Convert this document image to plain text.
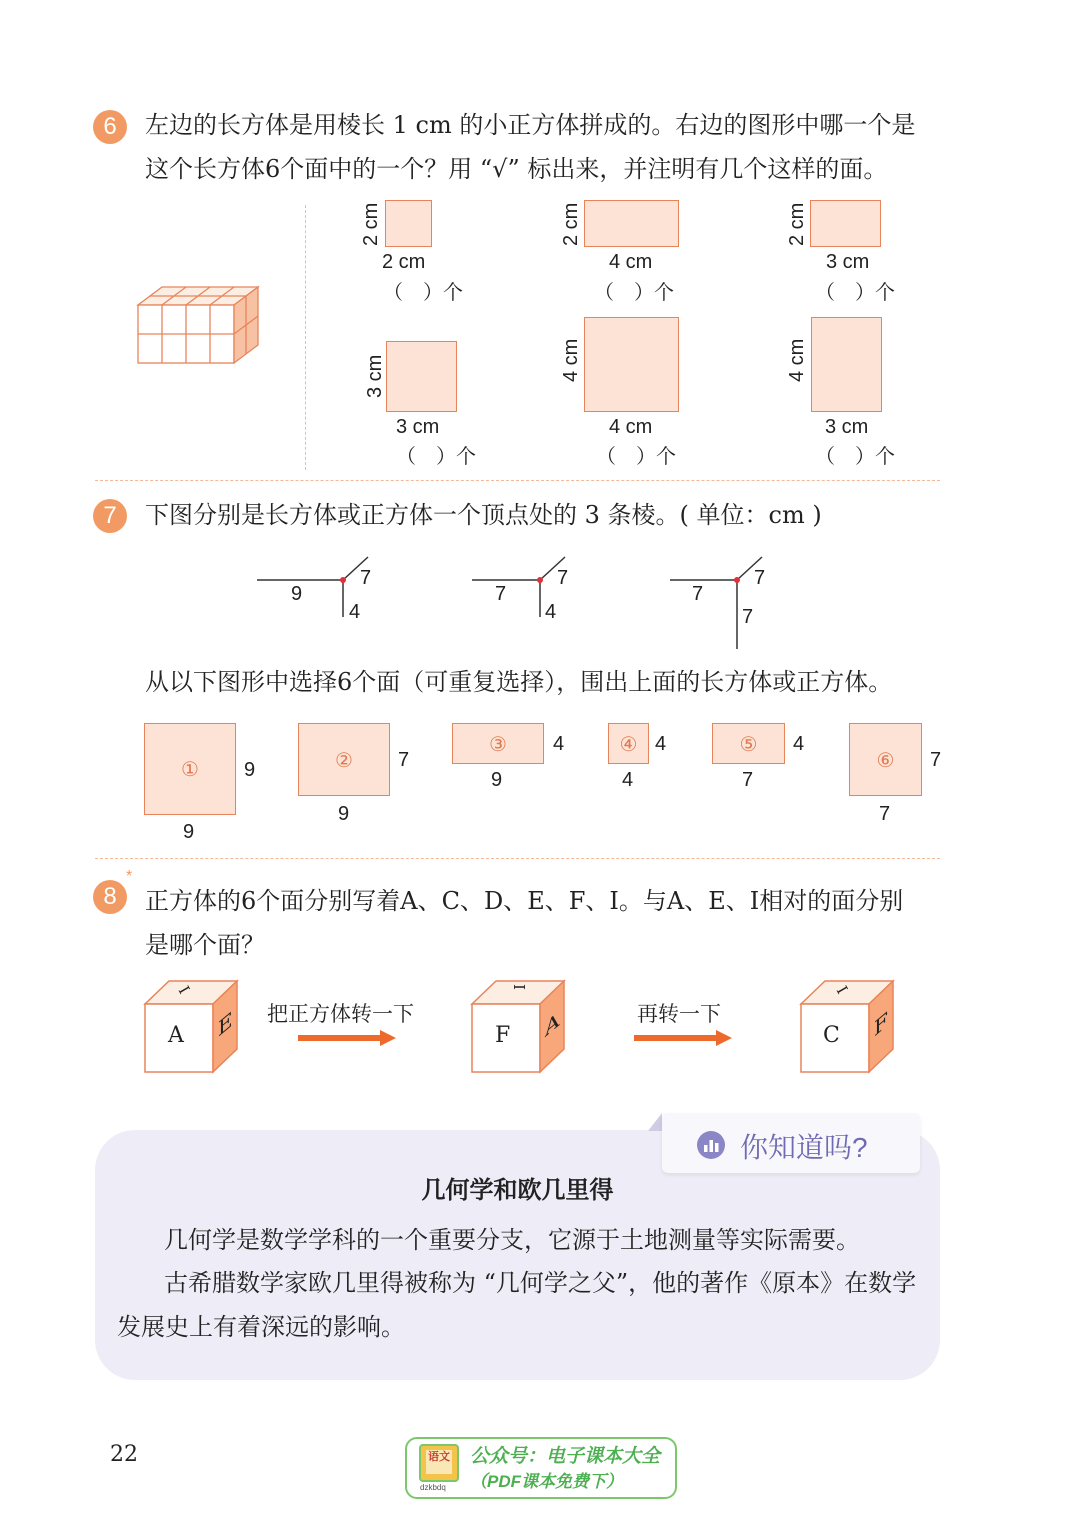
6	左边的长方体是用棱长 1 cm 的小正方体拼成的。右边的图形中哪一个是
这个长方体6个面中的一个？用 “√” 标出来，并注明有几个这样的面。
2 cm
2 cm
（　）个
2 cm
4 cm
（　）个
2 cm
3 cm
（　）个
3 cm
3 cm
（　）个
4 cm
4 cm
（　）个
4 cm
3 cm
（　）个
7	下图分别是长方体或正方体一个顶点处的 3 条棱。( 单位：cm )
9
7
4
7
7
4
7
7
7
从以下图形中选择6个面（可重复选择），围出上面的长方体或正方体。
①	9
9
②	7
9
③	4
9
④ 4
4
⑤	4
7
⑥	7
7
8
*
正方体的6个面分别写着A、C、D、E、F、I。与A、E、I相对的面分别
是哪个面？
A
I
E 把正方体转一下
F
I
A	再转一下
C
I
F
你知道吗?
几何学和欧几里得
几何学是数学学科的一个重要分支，它源于土地测量等实际需要。
古希腊数学家欧几里得被称为 “几何学之父”，他的著作《原本》在数学
发展史上有着深远的影响。
22	语文
dzkbdq
公众号：电子课本大全
（PDF课本免费下）
